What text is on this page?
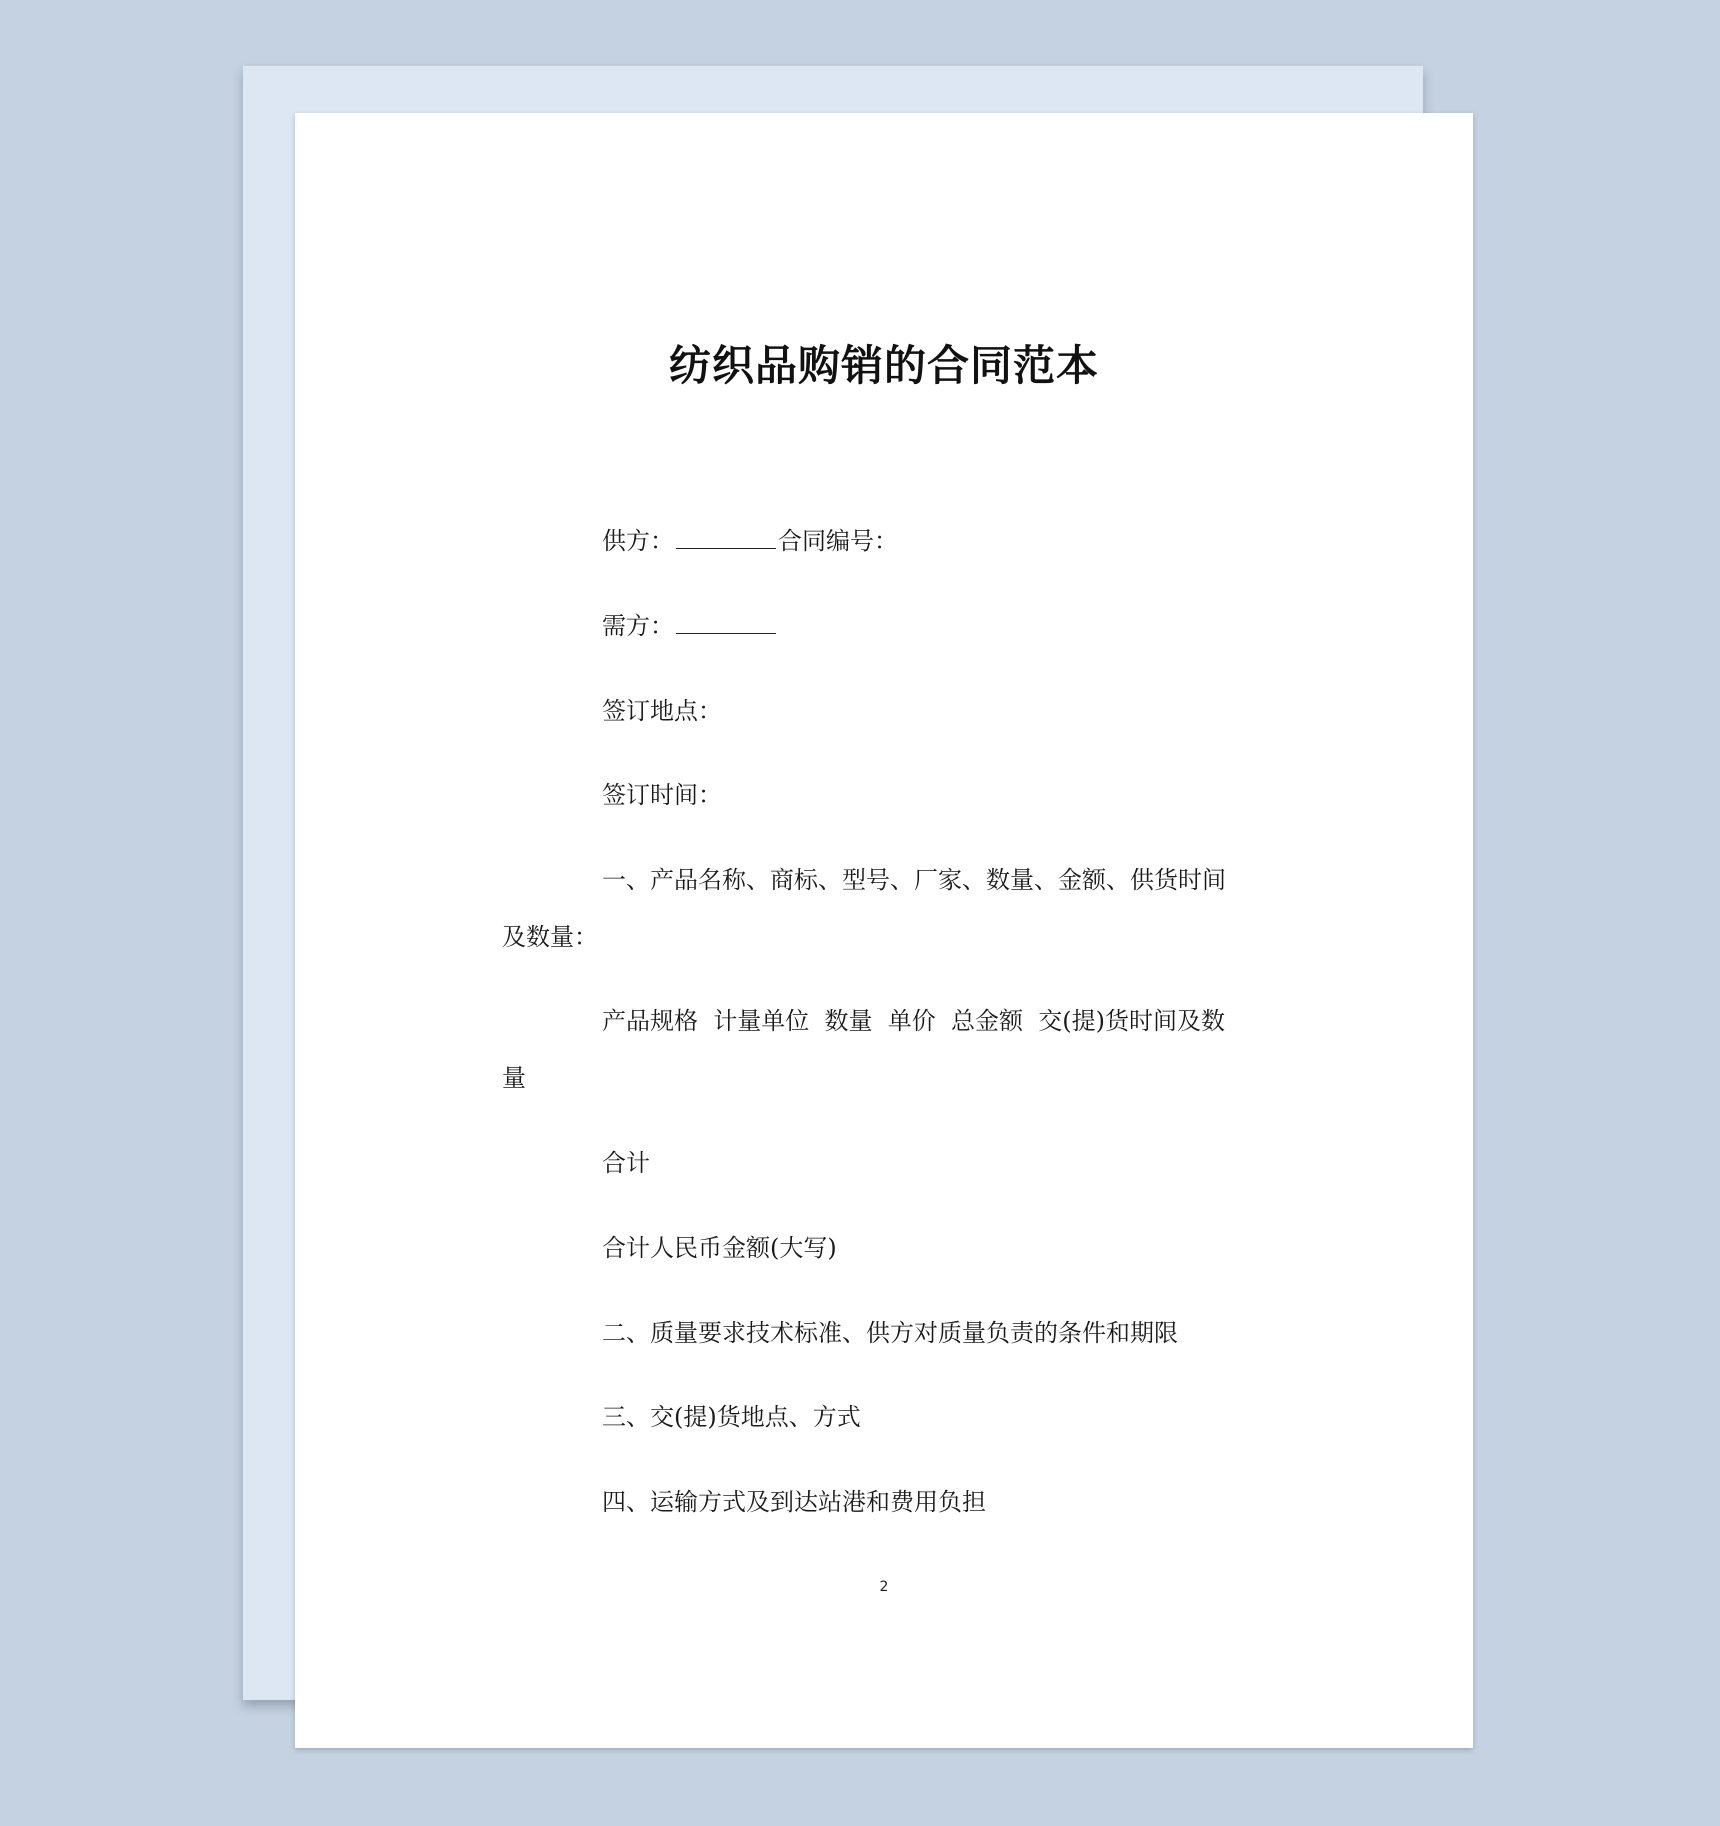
纺织品购销的合同范本

供方：	合同编号：

需方：

签订地点：

签订时间：

一、产品名称、商标、型号、厂家、数量、金额、供货时间
及数量：
产品规格  计量单位  数量  单价  总金额  交(提)货时间及数
量

合计

合计人民币金额(大写)

二、质量要求技术标准、供方对质量负责的条件和期限

三、交(提)货地点、方式

四、运输方式及到达站港和费用负担

2
